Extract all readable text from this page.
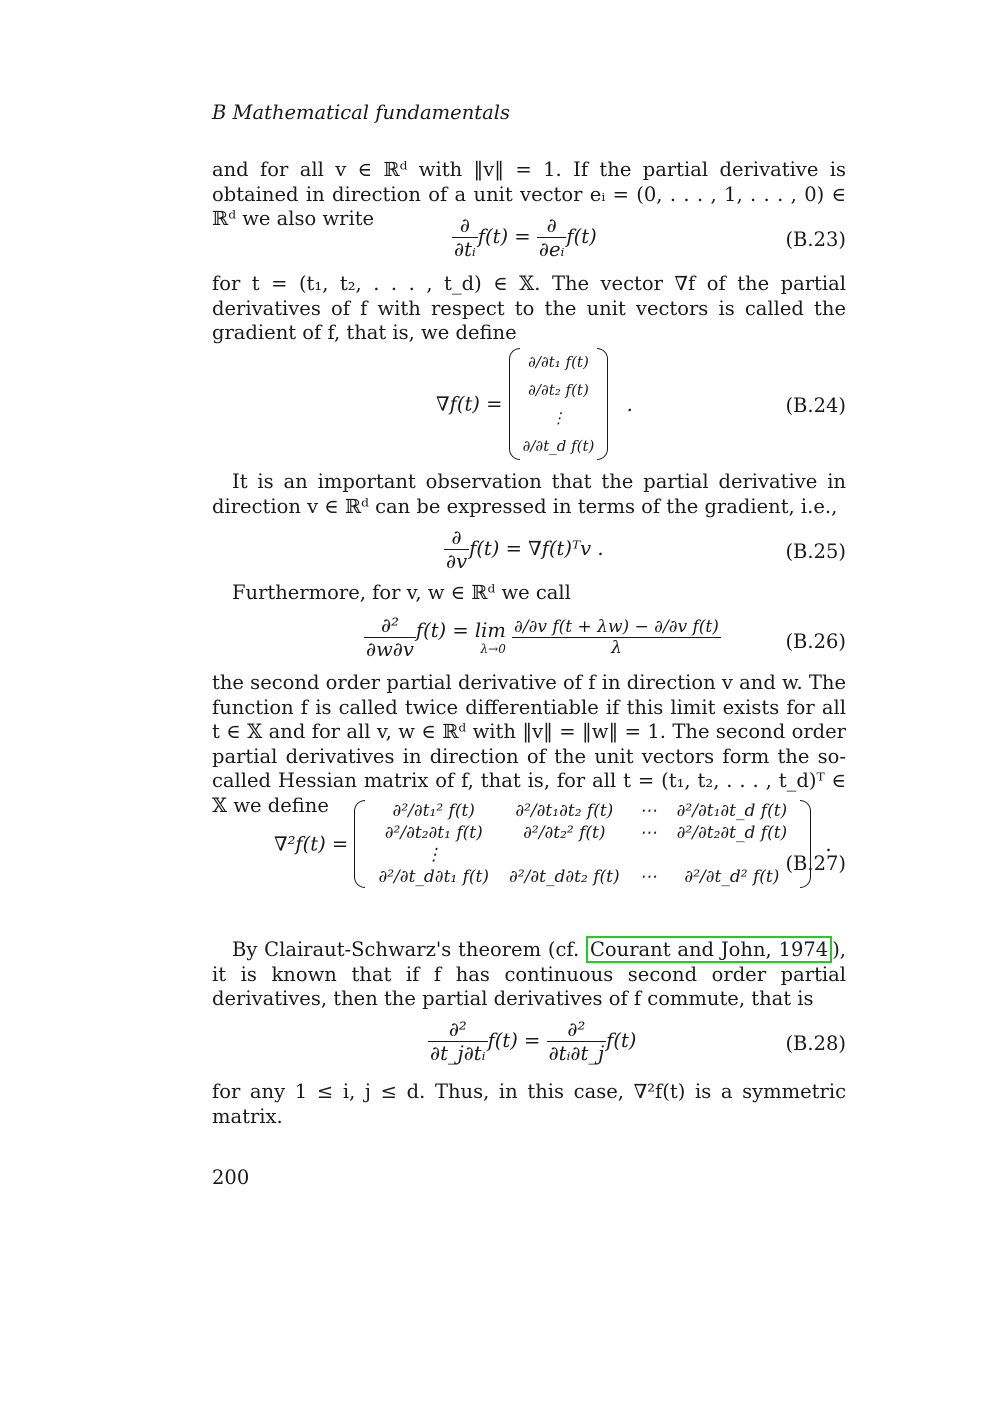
B Mathematical fundamentals

and for all v ∈ ℝᵈ with ‖v‖ = 1. If the partial derivative is obtained in direction of a unit vector eᵢ = (0, . . . , 1, . . . , 0) ∈ ℝᵈ we also write	$\frac{\partial}{\text{∂tᵢ}} f(t) = \frac{\partial}{\text{∂eᵢ}} f(t)$	(B.23)

for t = (t₁, t₂, . . . , t_d) ∈ 𝕏. The vector ∇f of the partial derivatives of f with respect to the unit vectors is called the gradient of f, that is, we define

∇f(t) =
∂/∂t₁ f(t)
∂/∂t₂ f(t)
⋮
∂/∂t_d f(t)
.	(B.24)

It is an important observation that the partial derivative in direction v ∈ ℝᵈ can be expressed in terms of the gradient, i.e.,

$\frac{\partial}{\partial v} f(t)$ = ∇f(t)ᵀv .	(B.25)

Furthermore, for v, w ∈ ℝᵈ we call

$\frac{\text{∂²}}{\partial w\partial v} f(t) = \lim$
λ→0
$\frac{\text{∂/∂v f(t + λw) − ∂/∂v f(t)}}{\lambda}$	(B.26)

the second order partial derivative of f in direction v and w. The function f is called twice differentiable if this limit exists for all t ∈ 𝕏 and for all v, w ∈ ℝᵈ with ‖v‖ = ‖w‖ = 1. The second order partial derivatives in direction of the unit vectors form the so-called Hessian matrix of f, that is, for all t = (t₁, t₂, . . . , t_d)ᵀ ∈ 𝕏 we define

∇²f(t) =
∂²/∂t₁² f(t)	∂²/∂t₁∂t₂ f(t)	⋯	∂²/∂t₁∂t_d f(t)
∂²/∂t₂∂t₁ f(t)	∂²/∂t₂² f(t)	⋯	∂²/∂t₂∂t_d f(t)
⋮			
∂²/∂t_d∂t₁ f(t)	∂²/∂t_d∂t₂ f(t)	⋯	∂²/∂t_d² f(t)
.
(B.27)

By Clairaut-Schwarz's theorem (cf. Courant and John, 1974 ), it is known that if f has continuous second order partial derivatives, then the partial derivatives of f commute, that is

$\frac{\text{∂²}}{\text{∂t\_j∂tᵢ}} f(t) = \frac{\text{∂²}}{\text{∂tᵢ∂t\_j}} f(t)$	(B.28)

for any 1 ≤ i, j ≤ d. Thus, in this case, ∇²f(t) is a symmetric matrix.

200
